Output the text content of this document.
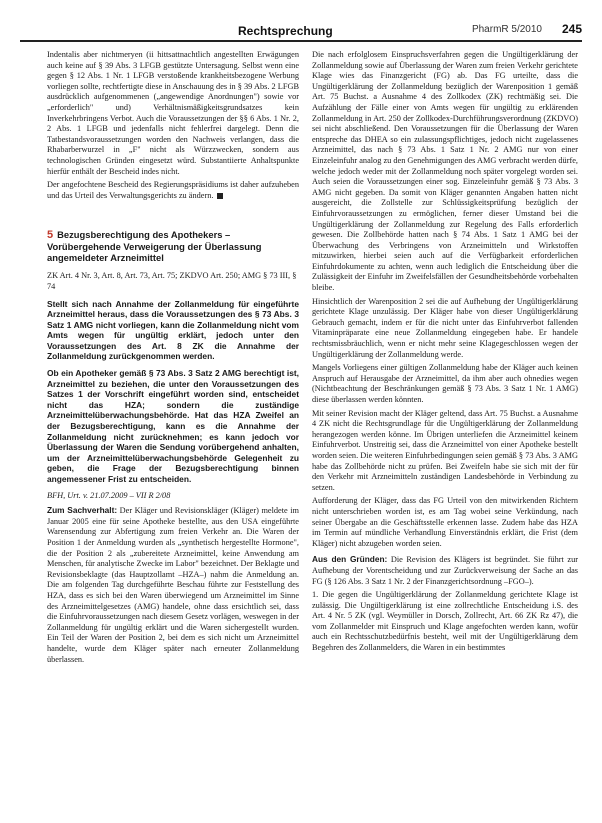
Rechtsprechung	PharmR 5/2010 245

Indentalis aber nichtmeryen (ii hittsattnachtlich angestellten Erwägungen auch keine auf § 39 Abs. 3 LFGB gestützte Untersagung. Selbst wenn eine gegen § 12 Abs. 1 Nr. 1 LFGB verstoßende krankheitsbezogene Werbung vorliegen sollte, rechtfertigte diese in Anschauung des in § 39 Abs. 2 LFGB ausdrücklich aufgenommenen („angewendige Anordnungen") sowie vor „erforderlich" und) Verhältnismäßigkeitsgrundsatzes kein Inverkehrbringens Verbot. Auch die Voraussetzungen der §§ 6 Abs. 1 Nr. 2, 2 Abs. 1 LFGB und jedenfalls nicht fehlerfrei dargelegt. Denn die Tatbestandsvoraussetzungen worden den Nachweis verlangen, dass die Rhabarberwurzel in „F" nicht als Würzzwecken, sondern aus technologischen Gründen eingesetzt würd. Substantiierte Anhaltspunkte hierfür enthält der Bescheid indes nicht.

Der angefochtene Bescheid des Regierungspräsidiums ist daher aufzuheben und das Urteil des Verwaltungsgerichts zu ändern.

5 Bezugsberechtigung des Apothekers – Vorübergehende Verweigerung der Überlassung angemeldeter Arzneimittel

ZK Art. 4 Nr. 3, Art. 8, Art. 73, Art. 75; ZKDVO Art. 250; AMG § 73 III, § 74

Stellt sich nach Annahme der Zollanmeldung für eingeführte Arzneimittel heraus, dass die Voraussetzungen des § 73 Abs. 3 Satz 1 AMG nicht vorliegen, kann die Zollanmeldung nicht vom Amts wegen für ungültig erklärt, jedoch unter den Voraussetzungen des Art. 8 ZK die Annahme der Zollanmeldung zurückgenommen werden.

Ob ein Apotheker gemäß § 73 Abs. 3 Satz 2 AMG berechtigt ist, Arzneimittel zu beziehen, die unter den Voraussetzungen des Satzes 1 der Vorschrift eingeführt worden sind, entscheidet nicht das HZA; sondern die zuständige Arzneimittelüberwachungsbehörde. Hat das HZA Zweifel an der Bezugsberechtigung, kann es die Annahme der Zollanmeldung nicht zurücknehmen; es kann jedoch vor Überlassung der Waren die Sendung vorübergehend anhalten, um der Arzneimittelüberwachungsbehörde Gelegenheit zu geben, die Frage der Bezugsberechtigung binnen angemessener Frist zu entscheiden.

BFH, Urt. v. 21.07.2009 – VII R 2/08

Zum Sachverhalt: Der Kläger und Revisionskläger (Kläger) meldete im Januar 2005 eine für seine Apotheke bestellte, aus den USA eingeführte Warensendung zur Abfertigung zum freien Verkehr an. Die Waren der Position 1 der Anmeldung wurden als „synthetisch hergestellte Hormone", die der Position 2 als „zubereitete Arzneimittel, keine Anwendung am Menschen, für analytische Zwecke im Labor" bezeichnet. Der Beklagte und Revisionsbeklagte (das Hauptzollamt –HZA–) nahm die Anmeldung an. Die am folgenden Tag durchgeführte Beschau führte zur Feststellung des HZA, dass es sich bei den Waren überwiegend um Arzneimittel im Sinne des Arzneimittelgesetzes (AMG) handele, ohne dass ersichtlich sei, dass die Einfuhrvoraussetzungen nach diesem Gesetz vorlägen, weswegen in der Zollanmeldung für ungültig erklärt und die Waren sichergestellt wurden. Ein Teil der Waren der Position 2, bei dem es sich nicht um Arzneimittel handelte, wurde dem Kläger später nach erneuter Zollanmeldung überlassen.

Die nach erfolglosem Einspruchsverfahren gegen die Ungültigerklärung der Zollanmeldung sowie auf Überlassung der Waren zum freien Verkehr gerichtete Klage wies das Finanzgericht (FG) ab. Das FG urteilte, dass die Ungültigerklärung der Zollanmeldung bezüglich der Warenposition 1 gemäß Art. 75 Buchst. a Ausnahme 4 des Zollkodex (ZK) rechtmäßig sei. Die Aufzählung der Fälle einer von Amts wegen für ungültig zu erklärenden Zollanmeldung in Art. 250 der Zollkodex-Durchführungsverordnung (ZKDVO) sei nicht abschließend. Den Voraussetzungen für die Überlassung der Waren entspreche das DHEA so ein zulassungspflichtiges, jedoch nicht zugelassenes Arzneimittel, das nach § 73 Abs. 1 Satz 1 Nr. 2 AMG nur von einer Einzeleinfuhr analog zu den Genehmigungen des AMG verbracht werden dürfe, welche jedoch weder mit der Zollanmeldung noch später vorgelegt worden sei. Auch seien die Voraussetzungen einer sog. Einzeleinfuhr gemäß § 73 Abs. 3 AMG nicht gegeben. Da somit von Kläger genannten Angaben hatten nicht ausgereicht, die Zollstelle zur Schlüssigkeitsprüfung bezüglich der Einfuhrvoraussetzungen zu ermöglichen, ferner dieser Umstand bei die Ungültigerklärung der Zollanmeldung zur Regelung des Falls erforderlich gewesen. Die Zollbehörde hatten nach § 74 Abs. 1 Satz 1 AMG bei der Überwachung des Verbringens von Arzneimitteln und Wirkstoffen mitzuwirken, hierbei seien auch auf die Verfügbarkeit erforderlichen Einfuhrdokumente zu achten, wenn auch lediglich die Entscheidung über die Zulässigkeit der Einfuhr im Zweifelsfällen der Gesundheitsbehörde vorbehalten bleibe.

Hinsichtlich der Warenposition 2 sei die auf Aufhebung der Ungültigerklärung gerichtete Klage unzulässig. Der Kläger habe von dieser Ungültigerklärung Gebrauch gemacht, indem er für die nicht unter das Einfuhrverbot fallenden Vitaminpräparate eine neue Zollanmeldung eingegeben habe. Er handele rechtsmissbräuchlich, wenn er nicht mehr seine Klagegeschlossen wegen der Ungültigerklärung der Zollanmeldung werde.

Mangels Vorliegens einer gültigen Zollanmeldung habe der Kläger auch keinen Anspruch auf Herausgabe der Arzneimittel, da ihm aber auch ohnedies wegen (Nichtbeachtung der Beschränkungen gemäß § 73 Abs. 3 Satz 1 Nr. 1 AMG) diese überlassen werden könnten.

Mit seiner Revision macht der Kläger geltend, dass Art. 75 Buchst. a Ausnahme 4 ZK nicht die Rechtsgrundlage für die Ungültigerklärung der Zollanmeldung herangezogen werden könne. Im Übrigen unterliefen die Arzneimittel keinem Einfuhrverbot. Unstreitig sei, dass die Arzneimittel von einer Apotheke bestellt worden seien. Die weiteren Einfuhrbedingungen seien gemäß § 73 Abs. 3 AMG habe das Zollbehörde nicht zu prüfen. Bei Zweifeln habe sie sich mit der für den Verkehr mit Arzneimitteln zuständigen Landesbehörde in Verbindung zu setzen.

Aufforderung der Kläger, dass das FG Urteil von den mitwirkenden Richtern nicht unterschrieben worden ist, es am Tag wobei seine Verkündung, nach seiner Übergabe an die Geschäftsstelle erkennen lasse. Zudem habe das HZA im Termin auf mündliche Verhandlung Einverständnis erklärt, die Frist (dem Kläger) nicht abzugeben worden seien.

Aus den Gründen: Die Revision des Klägers ist begründet. Sie führt zur Aufhebung der Vorentscheidung und zur Zurückverweisung der Sache an das FG (§ 126 Abs. 3 Satz 1 Nr. 2 der Finanzgerichtsordnung –FGO–).

1. Die gegen die Ungültigerklärung der Zollanmeldung gerichtete Klage ist zulässig. Die Ungültigerklärung ist eine zollrechtliche Entscheidung i.S. des Art. 4 Nr. 5 ZK (vgl. Weymüller in Dorsch, Zollrecht, Art. 66 ZK Rz 47), die vom Zollanmelder mit Einspruch und Klage angefochten werden kann, wofür auch ein Rechtsschutzbedürfnis besteht, weil mit der Ungültigerklärung dem Begehren des Zollanmelders, die Waren in ein bestimmtes
